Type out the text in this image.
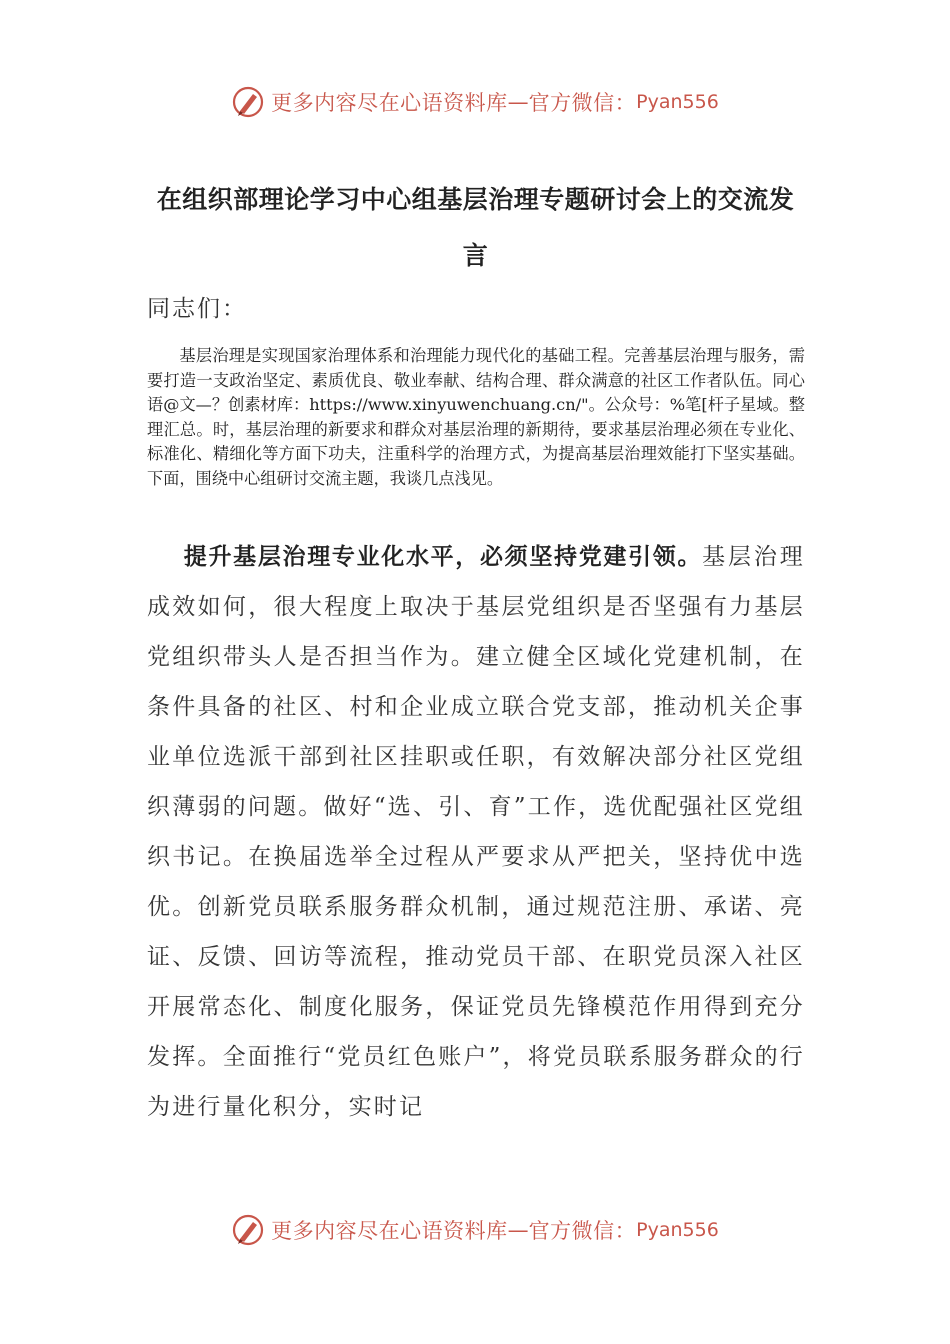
更多内容尽在心语资料库 — 官方微信： Pyan556
在组织部理论学习中心组基层治理专题研讨会上的交流发言
同志们：
基层治理是实现国家治理体系和治理能力现代化的基础工程。完善基层治理与服务，需要打造一支政治坚定、素质优良、敬业奉献、结构合理、群众满意的社区工作者队伍。同心语@文—？创素材库：https://www.xinyuwenchuang.cn/"。公众号：%笔[杆子星域。整理汇总。时，基层治理的新要求和群众对基层治理的新期待，要求基层治理必须在专业化、标准化、精细化等方面下功夫，注重科学的治理方式，为提高基层治理效能打下坚实基础。下面，围绕中心组研讨交流主题，我谈几点浅见。
提升基层治理专业化水平，必须坚持党建引领。基层治理成效如何，很大程度上取决于基层党组织是否坚强有力基层党组织带头人是否担当作为。建立健全区域化党建机制，在条件具备的社区、村和企业成立联合党支部，推动机关企事业单位选派干部到社区挂职或任职，有效解决部分社区党组织薄弱的问题。做好“选、引、育”工作，选优配强社区党组织书记。在换届选举全过程从严要求从严把关，坚持优中选优。创新党员联系服务群众机制，通过规范注册、承诺、亮证、反馈、回访等流程，推动党员干部、在职党员深入社区开展常态化、制度化服务，保证党员先锋模范作用得到充分发挥。全面推行“党员红色账户”，将党员联系服务群众的行为进行量化积分，实时记
更多内容尽在心语资料库 — 官方微信： Pyan556
